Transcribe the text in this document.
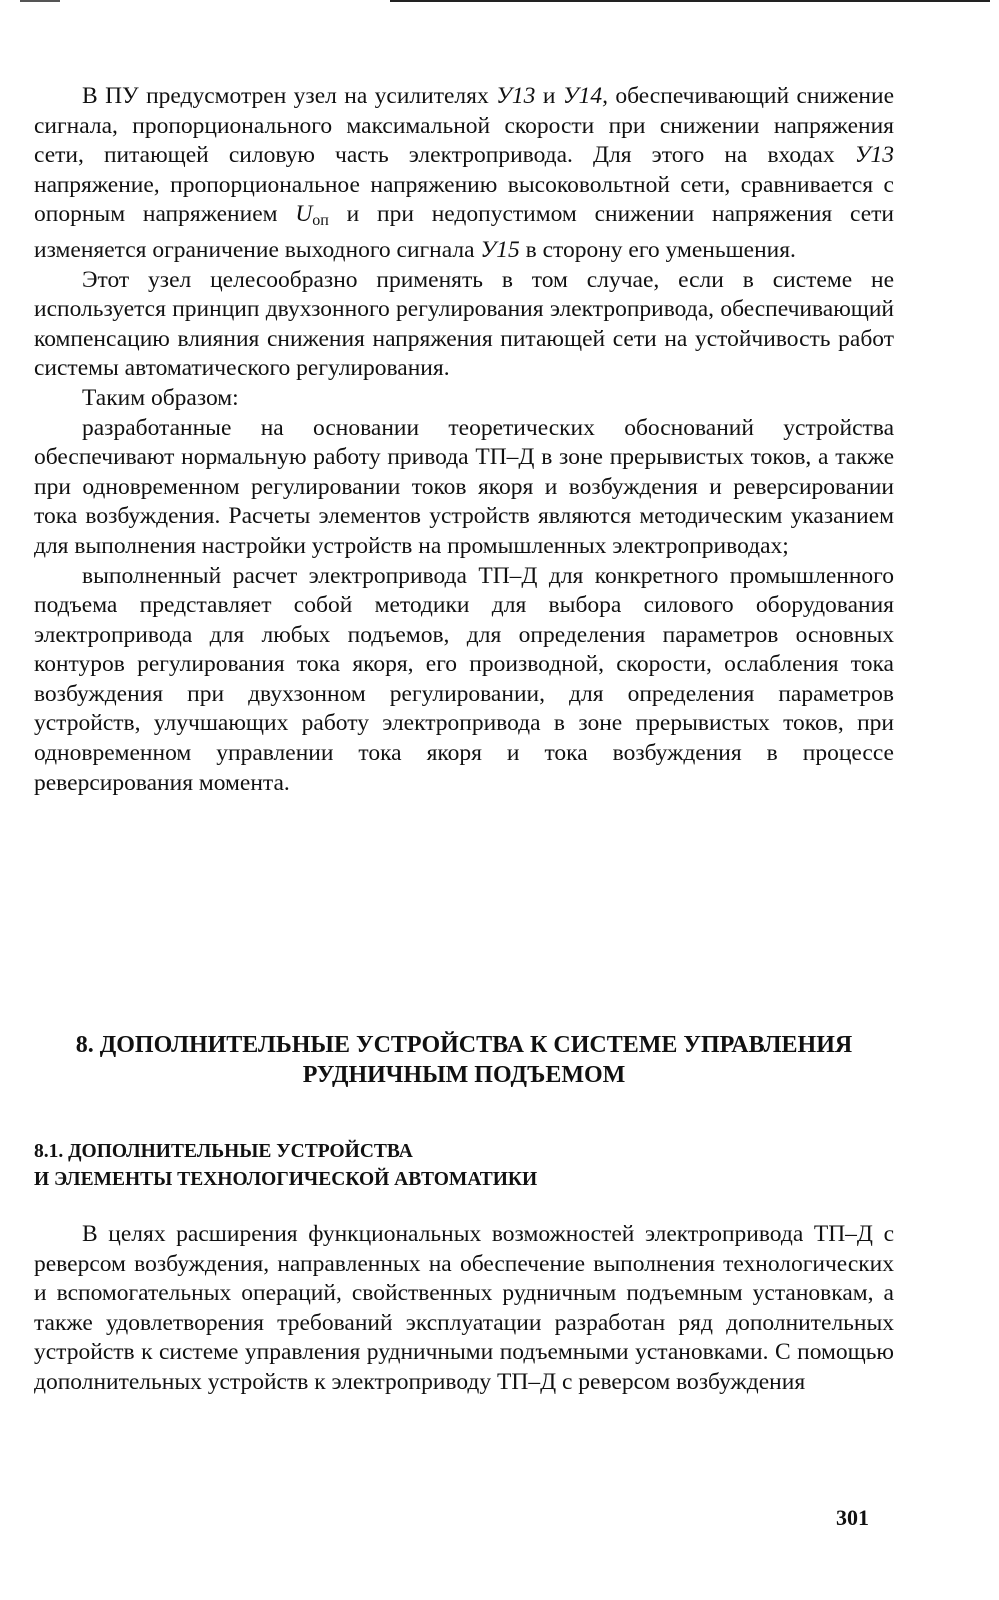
В ПУ предусмотрен узел на усилителях У13 и У14, обеспечивающий снижение сигнала, пропорционального максимальной скорости при снижении напряжения сети, питающей силовую часть электропривода. Для этого на входах У13 напряжение, пропорциональное напряжению высоковольтной сети, сравнивается с опорным напряжением $U_{оп}$ и при недопустимом снижении напряжения сети изменяется ограничение выходного сигнала У15 в сторону его уменьшения.

Этот узел целесообразно применять в том случае, если в системе не используется принцип двухзонного регулирования электропривода, обеспечивающий компенсацию влияния снижения напряжения питающей сети на устойчивость работ системы автоматического регулирования.

Таким образом:

разработанные на основании теоретических обоснований устройства обеспечивают нормальную работу привода ТП–Д в зоне прерывистых токов, а также при одновременном регулировании токов якоря и возбуждения и реверсировании тока возбуждения. Расчеты элементов устройств являются методическим указанием для выполнения настройки устройств на промышленных электроприводах;

выполненный расчет электропривода ТП–Д для конкретного промышленного подъема представляет собой методики для выбора силового оборудования электропривода для любых подъемов, для определения параметров основных контуров регулирования тока якоря, его производной, скорости, ослабления тока возбуждения при двухзонном регулировании, для определения параметров устройств, улучшающих работу электропривода в зоне прерывистых токов, при одновременном управлении тока якоря и тока возбуждения в процессе реверсирования момента.

8. ДОПОЛНИТЕЛЬНЫЕ УСТРОЙСТВА К СИСТЕМЕ УПРАВЛЕНИЯ
РУДНИЧНЫМ ПОДЪЕМОМ
8.1. ДОПОЛНИТЕЛЬНЫЕ УСТРОЙСТВА
И ЭЛЕМЕНТЫ ТЕХНОЛОГИЧЕСКОЙ АВТОМАТИКИ

В целях расширения функциональных возможностей электропривода ТП–Д с реверсом возбуждения, направленных на обеспечение выполнения технологических и вспомогательных операций, свойственных рудничным подъемным установкам, а также удовлетворения требований эксплуатации разработан ряд дополнительных устройств к системе управления рудничными подъемными установками. С помощью дополнительных устройств к электроприводу ТП–Д с реверсом возбуждения

301
